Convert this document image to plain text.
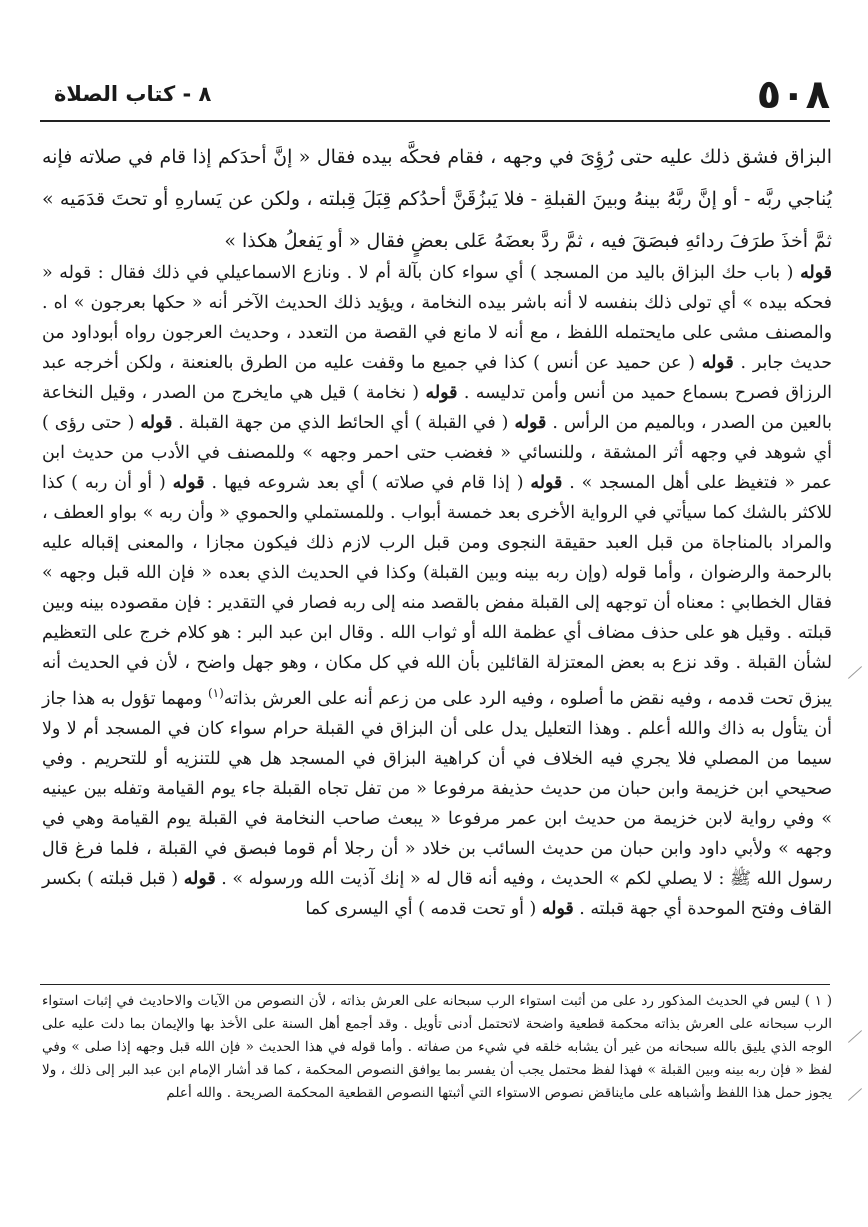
٥٠٨
٨ - كتاب الصلاة
البزاق فشق ذلك عليه حتى رُؤِىَ في وجهه ، فقام فحكَّه بيده فقال « إنَّ أحدَكم إذا قام في صلاته فإنه يُناجي ربَّه - أو إنَّ ربَّهُ بينهُ وبينَ القبلةِ - فلا يَبزُقَنَّ أحدُكم قِبَلَ قِبلته ، ولكن عن يَسارهِ أو تحتَ قدَمَيه » ثمَّ أخذَ طرَفَ ردائهِ فبصَقَ فيه ، ثمَّ ردَّ بعضَهُ عَلى بعضٍ فقال « أو يَفعلُ هكذا »
قوله ( باب حك البزاق باليد من المسجد ) أي سواء كان بآلة أم لا . ونازع الاسماعيلي في ذلك فقال : قوله « فحكه بيده » أي تولى ذلك بنفسه لا أنه باشر بيده النخامة ، ويؤيد ذلك الحديث الآخر أنه « حكها بعرجون » اه . والمصنف مشى على مايحتمله اللفظ ، مع أنه لا مانع في القصة من التعدد ، وحديث العرجون رواه أبوداود من حديث جابر . قوله ( عن حميد عن أنس ) كذا في جميع ما وقفت عليه من الطرق بالعنعنة ، ولكن أخرجه عبد الرزاق فصرح بسماع حميد من أنس وأمن تدليسه . قوله ( نخامة ) قيل هي مايخرج من الصدر ، وقيل النخاعة بالعين من الصدر ، وبالميم من الرأس . قوله ( في القبلة ) أي الحائط الذي من جهة القبلة . قوله ( حتى رؤى ) أي شوهد في وجهه أثر المشقة ، وللنسائي « فغضب حتى احمر وجهه » وللمصنف في الأدب من حديث ابن عمر « فتغيظ على أهل المسجد » . قوله ( إذا قام في صلاته ) أي بعد شروعه فيها . قوله ( أو أن ربه ) كذا للاكثر بالشك كما سيأتي في الرواية الأخرى بعد خمسة أبواب . وللمستملي والحموي « وأن ربه » بواو العطف ، والمراد بالمناجاة من قبل العبد حقيقة النجوى ومن قبل الرب لازم ذلك فيكون مجازا ، والمعنى إقباله عليه بالرحمة والرضوان ، وأما قوله (وإن ربه بينه وبين القبلة) وكذا في الحديث الذي بعده « فإن الله قبل وجهه » فقال الخطابي : معناه أن توجهه إلى القبلة مفض بالقصد منه إلى ربه فصار في التقدير : فإن مقصوده بينه وبين قبلته . وقيل هو على حذف مضاف أي عظمة الله أو ثواب الله . وقال ابن عبد البر : هو كلام خرج على التعظيم لشأن القبلة . وقد نزع به بعض المعتزلة القائلين بأن الله في كل مكان ، وهو جهل واضح ، لأن في الحديث أنه يبزق تحت قدمه ، وفيه نقض ما أصلوه ، وفيه الرد على من زعم أنه على العرش بذاته$^{(١)}$ ومهما تؤول به هذا جاز أن يتأول به ذاك والله أعلم . وهذا التعليل يدل على أن البزاق في القبلة حرام سواء كان في المسجد أم لا ولا سيما من المصلي فلا يجري فيه الخلاف في أن كراهية البزاق في المسجد هل هي للتنزيه أو للتحريم . وفي صحيحي ابن خزيمة وابن حبان من حديث حذيفة مرفوعا « من تفل تجاه القبلة جاء يوم القيامة وتفله بين عينيه » وفي رواية لابن خزيمة من حديث ابن عمر مرفوعا « يبعث صاحب النخامة في القبلة يوم القيامة وهي في وجهه » ولأبي داود وابن حبان من حديث السائب بن خلاد « أن رجلا أم قوما فبصق في القبلة ، فلما فرغ قال رسول الله ﷺ : لا يصلي لكم » الحديث ، وفيه أنه قال له « إنك آذيت الله ورسوله » . قوله ( قبل قبلته ) بكسر القاف وفتح الموحدة أي جهة قبلته . قوله ( أو تحت قدمه ) أي اليسرى كما
( ١ ) ليس في الحديث المذكور رد على من أثبت استواء الرب سبحانه على العرش بذاته ، لأن النصوص من الآيات والاحاديث في إثبات استواء الرب سبحانه على العرش بذاته محكمة قطعية واضحة لاتحتمل أدنى تأويل . وقد أجمع أهل السنة على الأخذ بها والإيمان بما دلت عليه على الوجه الذي يليق بالله سبحانه من غير أن يشابه خلقه في شيء من صفاته . وأما قوله في هذا الحديث « فإن الله قبل وجهه إذا صلى » وفي لفظ « فإن ربه بينه وبين القبلة » فهذا لفظ محتمل يجب أن يفسر بما يوافق النصوص المحكمة ، كما قد أشار الإمام ابن عبد البر إلى ذلك ، ولا يجوز حمل هذا اللفظ وأشباهه على مايناقض نصوص الاستواء التي أثبتها النصوص القطعية المحكمة الصريحة . والله أعلم
